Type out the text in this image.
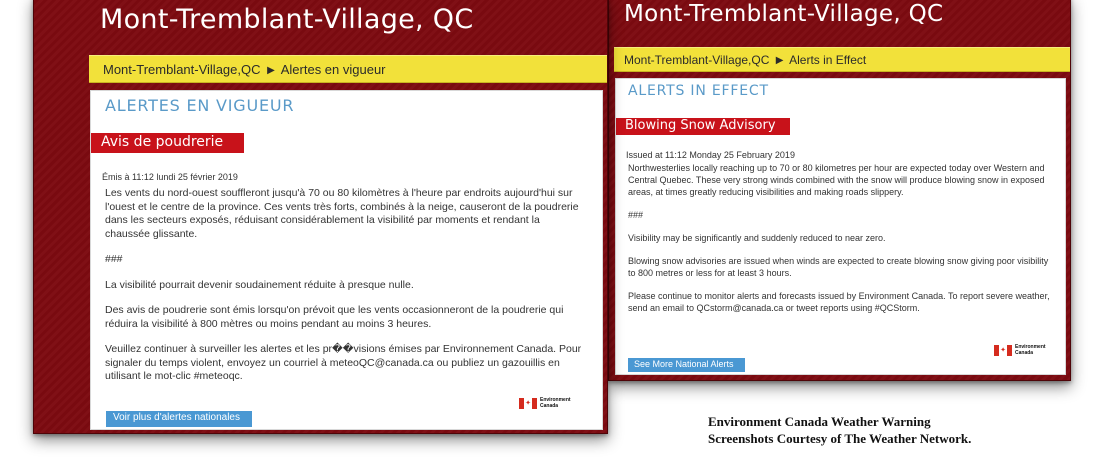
Mont-Tremblant-Village, QC
Mont-Tremblant-Village,QC ▶ Alerts in Effect
ALERTS IN EFFECT
Blowing Snow Advisory
Issued at 11:12 Monday 25 February 2019

Northwesterlies locally reaching up to 70 or 80 kilometres per hour are expected today over Western and Central Quebec. These very strong winds combined with the snow will produce blowing snow in exposed areas, at times greatly reducing visibilities and making roads slippery.

###

Visibility may be significantly and suddenly reduced to near zero.

Blowing snow advisories are issued when winds are expected to create blowing snow giving poor visibility to 800 metres or less for at least 3 hours.

Please continue to monitor alerts and forecasts issued by Environment Canada. To report severe weather, send an email to QCstorm@canada.ca or tweet reports using #QCStorm.

✦ Environment
Canada
See More National Alerts
Mont-Tremblant-Village, QC
Mont-Tremblant-Village,QC ▶ Alertes en vigueur
ALERTES EN VIGUEUR
Avis de poudrerie
Émis à 11:12 lundi 25 février 2019

Les vents du nord-ouest souffleront jusqu'à 70 ou 80 kilomètres à l'heure par endroits aujourd'hui sur l'ouest et le centre de la province. Ces vents très forts, combinés à la neige, causeront de la poudrerie dans les secteurs exposés, réduisant considérablement la visibilité par moments et rendant la chaussée glissante.

###

La visibilité pourrait devenir soudainement réduite à presque nulle.

Des avis de poudrerie sont émis lorsqu'on prévoit que les vents occasionneront de la poudrerie qui réduira la visibilité à 800 mètres ou moins pendant au moins 3 heures.

Veuillez continuer à surveiller les alertes et les pr��visions émises par Environnement Canada. Pour signaler du temps violent, envoyez un courriel à meteoQC@canada.ca ou publiez un gazouillis en utilisant le mot-clic #meteoqc.

✦ Environment
Canada
Voir plus d'alertes nationales	Environment Canada Weather Warning
Screenshots Courtesy of The Weather Network.
